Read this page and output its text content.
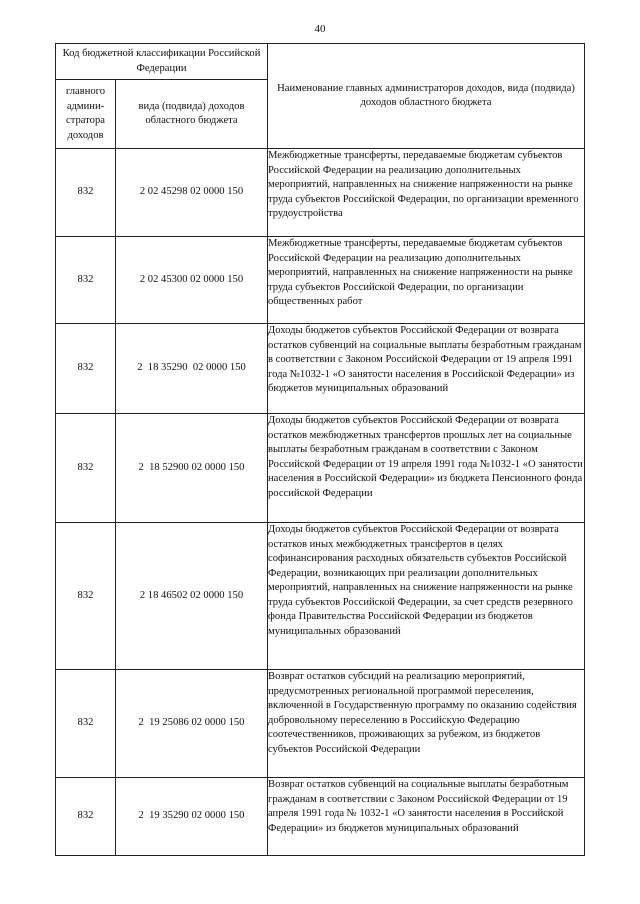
40
Код бюджетной классификации Российской Федерации		Наименование главных администраторов доходов, вида (подвида) доходов областного бюджета
главного админи-стратора доходов	вида (подвида) доходов областного бюджета	
832	2 02 45298 02 0000 150	Межбюджетные трансферты, передаваемые бюджетам субъектов Российской Федерации на реализацию дополнительных мероприятий, направленных на снижение напряженности на рынке труда субъектов Российской Федерации, по организации временного трудоустройства
832	2 02 45300 02 0000 150	Межбюджетные трансферты, передаваемые бюджетам субъектов Российской Федерации на реализацию дополнительных мероприятий, направленных на снижение напряженности на рынке труда субъектов Российской Федерации, по организации общественных работ
832	2  18 35290  02 0000 150	Доходы бюджетов субъектов Российской Федерации от возврата остатков субвенций на социальные выплаты безработным гражданам в соответствии с Законом Российской Федерации от 19 апреля 1991 года №1032-1 «О занятости населения в Российской Федерации» из бюджетов муниципальных образований
832	2  18 52900 02 0000 150	Доходы бюджетов субъектов Российской Федерации от возврата остатков межбюджетных трансфертов прошлых лет на социальные выплаты безработным гражданам в соответствии с Законом Российской Федерации от 19 апреля 1991 года №1032-1 «О занятости населения в Российской Федерации» из бюджета Пенсионного фонда российской Федерации
832	2 18 46502 02 0000 150	Доходы бюджетов субъектов Российской Федерации от возврата остатков иных межбюджетных трансфертов в целях софинансирования расходных обязательств субъектов Российской Федерации, возникающих при реализации дополнительных мероприятий, направленных на снижение напряженности на рынке труда субъектов Российской Федерации, за счет средств резервного фонда Правительства Российской Федерации из бюджетов муниципальных образований
832	2  19 25086 02 0000 150	Возврат остатков субсидий на реализацию мероприятий, предусмотренных региональной программой переселения, включенной в Государственную программу по оказанию содействия добровольному переселению в Российскую Федерацию соотечественников, проживающих за рубежом, из бюджетов субъектов Российской Федерации
832	2  19 35290 02 0000 150	Возврат остатков субвенций на социальные выплаты безработным гражданам в соответствии с Законом Российской Федерации от 19 апреля 1991 года № 1032-1 «О занятости населения в Российской Федерации» из бюджетов муниципальных образований
